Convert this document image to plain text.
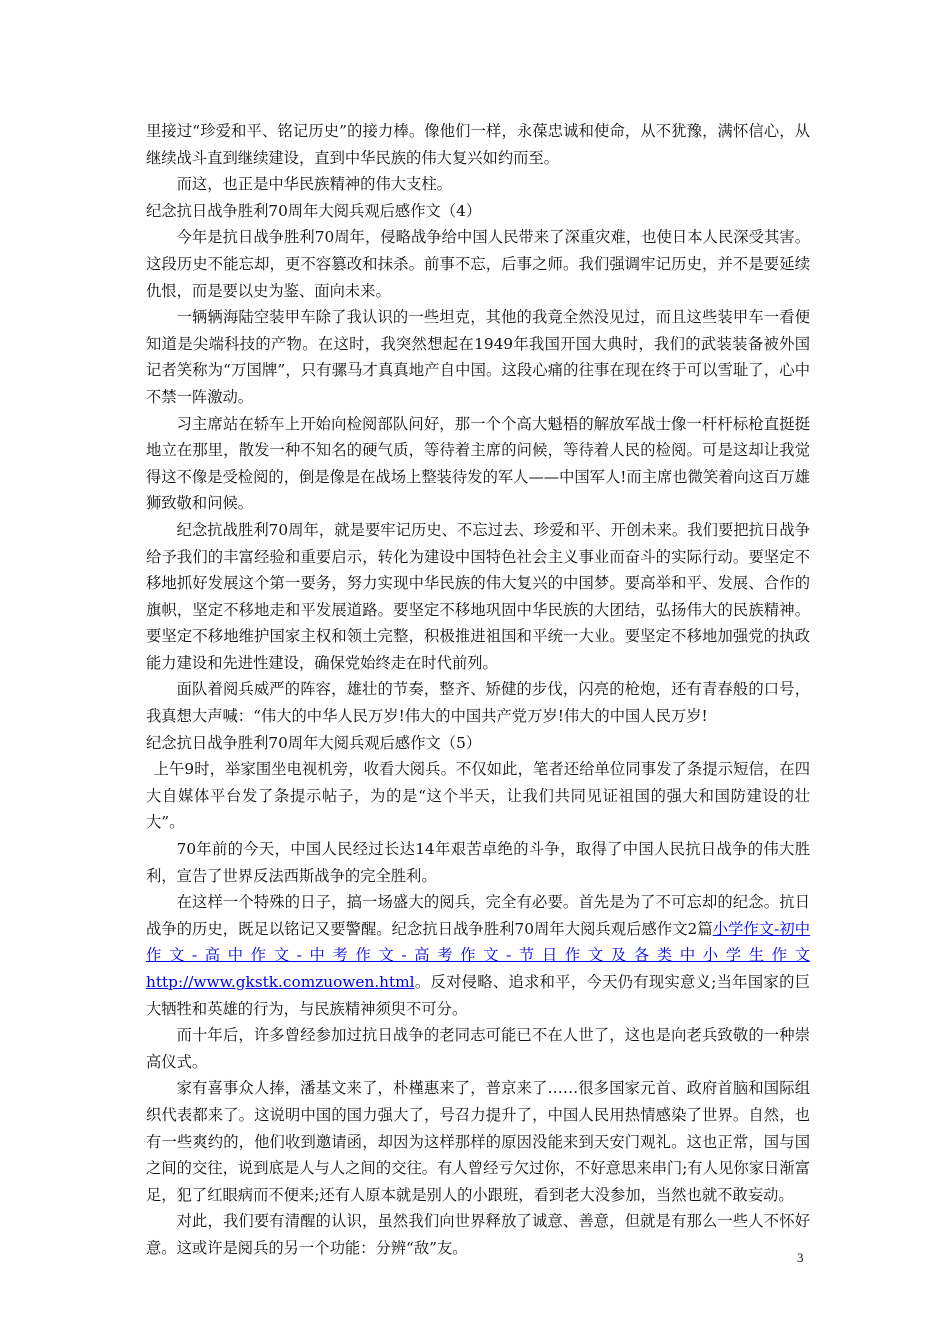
里接过“珍爱和平、铭记历史”的接力棒。像他们一样，永葆忠诚和使命，从不犹豫，满怀信心，从继续战斗直到继续建设，直到中华民族的伟大复兴如约而至。

而这，也正是中华民族精神的伟大支柱。

纪念抗日战争胜利70周年大阅兵观后感作文（4）

今年是抗日战争胜利70周年，侵略战争给中国人民带来了深重灾难，也使日本人民深受其害。这段历史不能忘却，更不容篡改和抹杀。前事不忘，后事之师。我们强调牢记历史，并不是要延续仇恨，而是要以史为鉴、面向未来。

一辆辆海陆空装甲车除了我认识的一些坦克，其他的我竟全然没见过，而且这些装甲车一看便知道是尖端科技的产物。在这时，我突然想起在1949年我国开国大典时，我们的武装装备被外国记者笑称为“万国牌”，只有骡马才真真地产自中国。这段心痛的往事在现在终于可以雪耻了，心中不禁一阵激动。

习主席站在轿车上开始向检阅部队问好，那一个个高大魁梧的解放军战士像一杆杆标枪直挺挺地立在那里，散发一种不知名的硬气质，等待着主席的问候，等待着人民的检阅。可是这却让我觉得这不像是受检阅的，倒是像是在战场上整装待发的军人——中国军人!而主席也微笑着向这百万雄狮致敬和问候。

纪念抗战胜利70周年，就是要牢记历史、不忘过去、珍爱和平、开创未来。我们要把抗日战争给予我们的丰富经验和重要启示，转化为建设中国特色社会主义事业而奋斗的实际行动。要坚定不移地抓好发展这个第一要务，努力实现中华民族的伟大复兴的中国梦。要高举和平、发展、合作的旗帜，坚定不移地走和平发展道路。要坚定不移地巩固中华民族的大团结，弘扬伟大的民族精神。要坚定不移地维护国家主权和领土完整，积极推进祖国和平统一大业。要坚定不移地加强党的执政能力建设和先进性建设，确保党始终走在时代前列。

面队着阅兵威严的阵容，雄壮的节奏，整齐、矫健的步伐，闪亮的枪炮，还有青春般的口号，我真想大声喊：“伟大的中华人民万岁!伟大的中国共产党万岁!伟大的中国人民万岁!

纪念抗日战争胜利70周年大阅兵观后感作文（5）

上午9时，举家围坐电视机旁，收看大阅兵。不仅如此，笔者还给单位同事发了条提示短信，在四大自媒体平台发了条提示帖子，为的是“这个半天，让我们共同见证祖国的强大和国防建设的壮大”。

70年前的今天，中国人民经过长达14年艰苦卓绝的斗争，取得了中国人民抗日战争的伟大胜利，宣告了世界反法西斯战争的完全胜利。

在这样一个特殊的日子，搞一场盛大的阅兵，完全有必要。首先是为了不可忘却的纪念。抗日战争的历史，既足以铭记又要警醒。纪念抗日战争胜利70周年大阅兵观后感作文2篇小学作文-初中作文-高中作文-中考作文-高考作文-节日作文及各类中小学生作文 http://www.gkstk.comzuowen.html。反对侵略、追求和平，今天仍有现实意义;当年国家的巨大牺牲和英雄的行为，与民族精神须臾不可分。

而十年后，许多曾经参加过抗日战争的老同志可能已不在人世了，这也是向老兵致敬的一种崇高仪式。

家有喜事众人捧，潘基文来了，朴槿惠来了，普京来了……很多国家元首、政府首脑和国际组织代表都来了。这说明中国的国力强大了，号召力提升了，中国人民用热情感染了世界。自然，也有一些爽约的，他们收到邀请函，却因为这样那样的原因没能来到天安门观礼。这也正常，国与国之间的交往，说到底是人与人之间的交往。有人曾经亏欠过你，不好意思来串门;有人见你家日渐富足，犯了红眼病而不便来;还有人原本就是别人的小跟班，看到老大没参加，当然也就不敢妄动。

对此，我们要有清醒的认识，虽然我们向世界释放了诚意、善意，但就是有那么一些人不怀好意。这或许是阅兵的另一个功能：分辨“敌”友。

3
